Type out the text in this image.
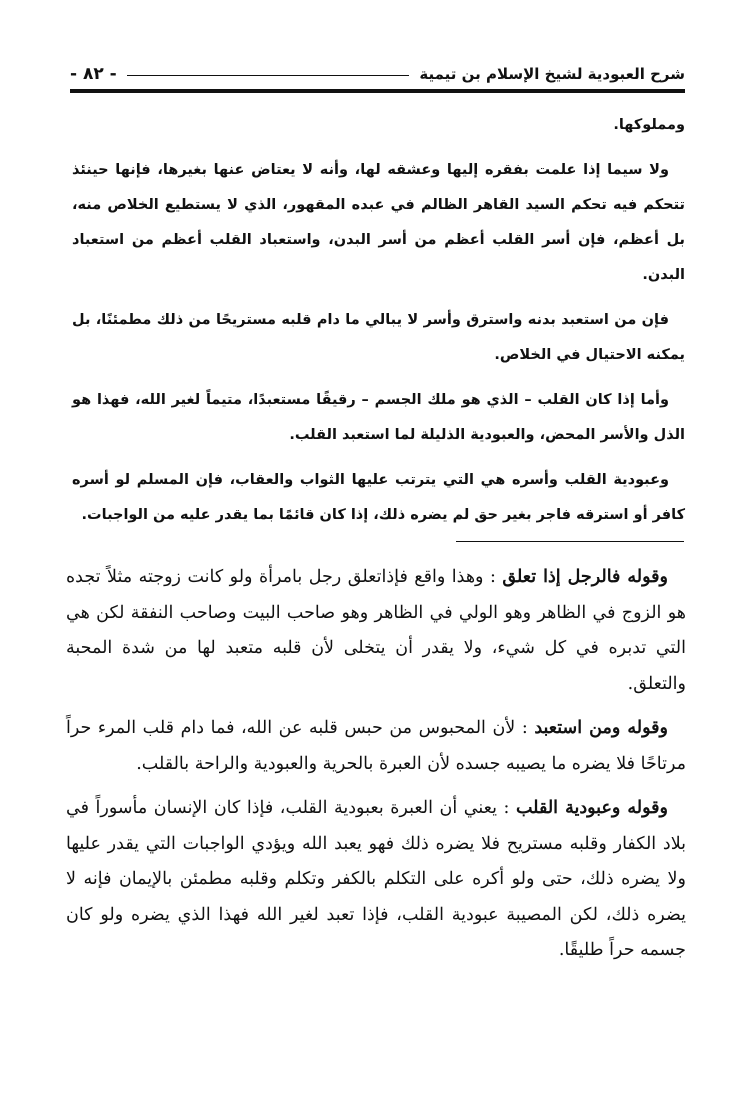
شرح العبودية لشيخ الإسلام بن تيمية
- ٨٢ -

ومملوكها.

ولا سيما إذا علمت بفقره إليها وعشقه لها، وأنه لا يعتاض عنها بغيرها، فإنها حينئذ تتحكم فيه تحكم السيد القاهر الظالم في عبده المقهور، الذي لا يستطيع الخلاص منه، بل أعظم، فإن أسر القلب أعظم من أسر البدن، واستعباد القلب أعظم من استعباد البدن.

فإن من استعبد بدنه واسترق وأسر لا يبالي ما دام قلبه مستريحًا من ذلك مطمئنًا، بل يمكنه الاحتيال في الخلاص.

وأما إذا كان القلب – الذي هو ملك الجسم – رقيقًا مستعبدًا، متيماً لغير الله، فهذا هو الذل والأسر المحض، والعبودية الذليلة لما استعبد القلب.

وعبودية القلب وأسره هي التي يترتب عليها الثواب والعقاب، فإن المسلم لو أسره كافر أو استرقه فاجر بغير حق لم يضره ذلك، إذا كان قائمًا بما يقدر عليه من الواجبات.

وقوله فالرجل إذا تعلق : وهذا واقع فإذاتعلق رجل بامرأة ولو كانت زوجته مثلاً تجده هو الزوج في الظاهر وهو الولي في الظاهر وهو صاحب البيت وصاحب النفقة لكن هي التي تدبره في كل شيء، ولا يقدر أن يتخلى لأن قلبه متعبد لها من شدة المحبة والتعلق.

وقوله ومن استعبد : لأن المحبوس من حبس قلبه عن الله، فما دام قلب المرء حراً مرتاحًا فلا يضره ما يصيبه جسده لأن العبرة بالحرية والعبودية والراحة بالقلب.

وقوله وعبودية القلب : يعني أن العبرة بعبودية القلب، فإذا كان الإنسان مأسوراً في بلاد الكفار وقلبه مستريح فلا يضره ذلك فهو يعبد الله ويؤدي الواجبات التي يقدر عليها ولا يضره ذلك، حتى ولو أكره على التكلم بالكفر وتكلم وقلبه مطمئن بالإيمان فإنه لا يضره ذلك، لكن المصيبة عبودية القلب، فإذا تعبد لغير الله فهذا الذي يضره ولو كان جسمه حراً طليقًا.
